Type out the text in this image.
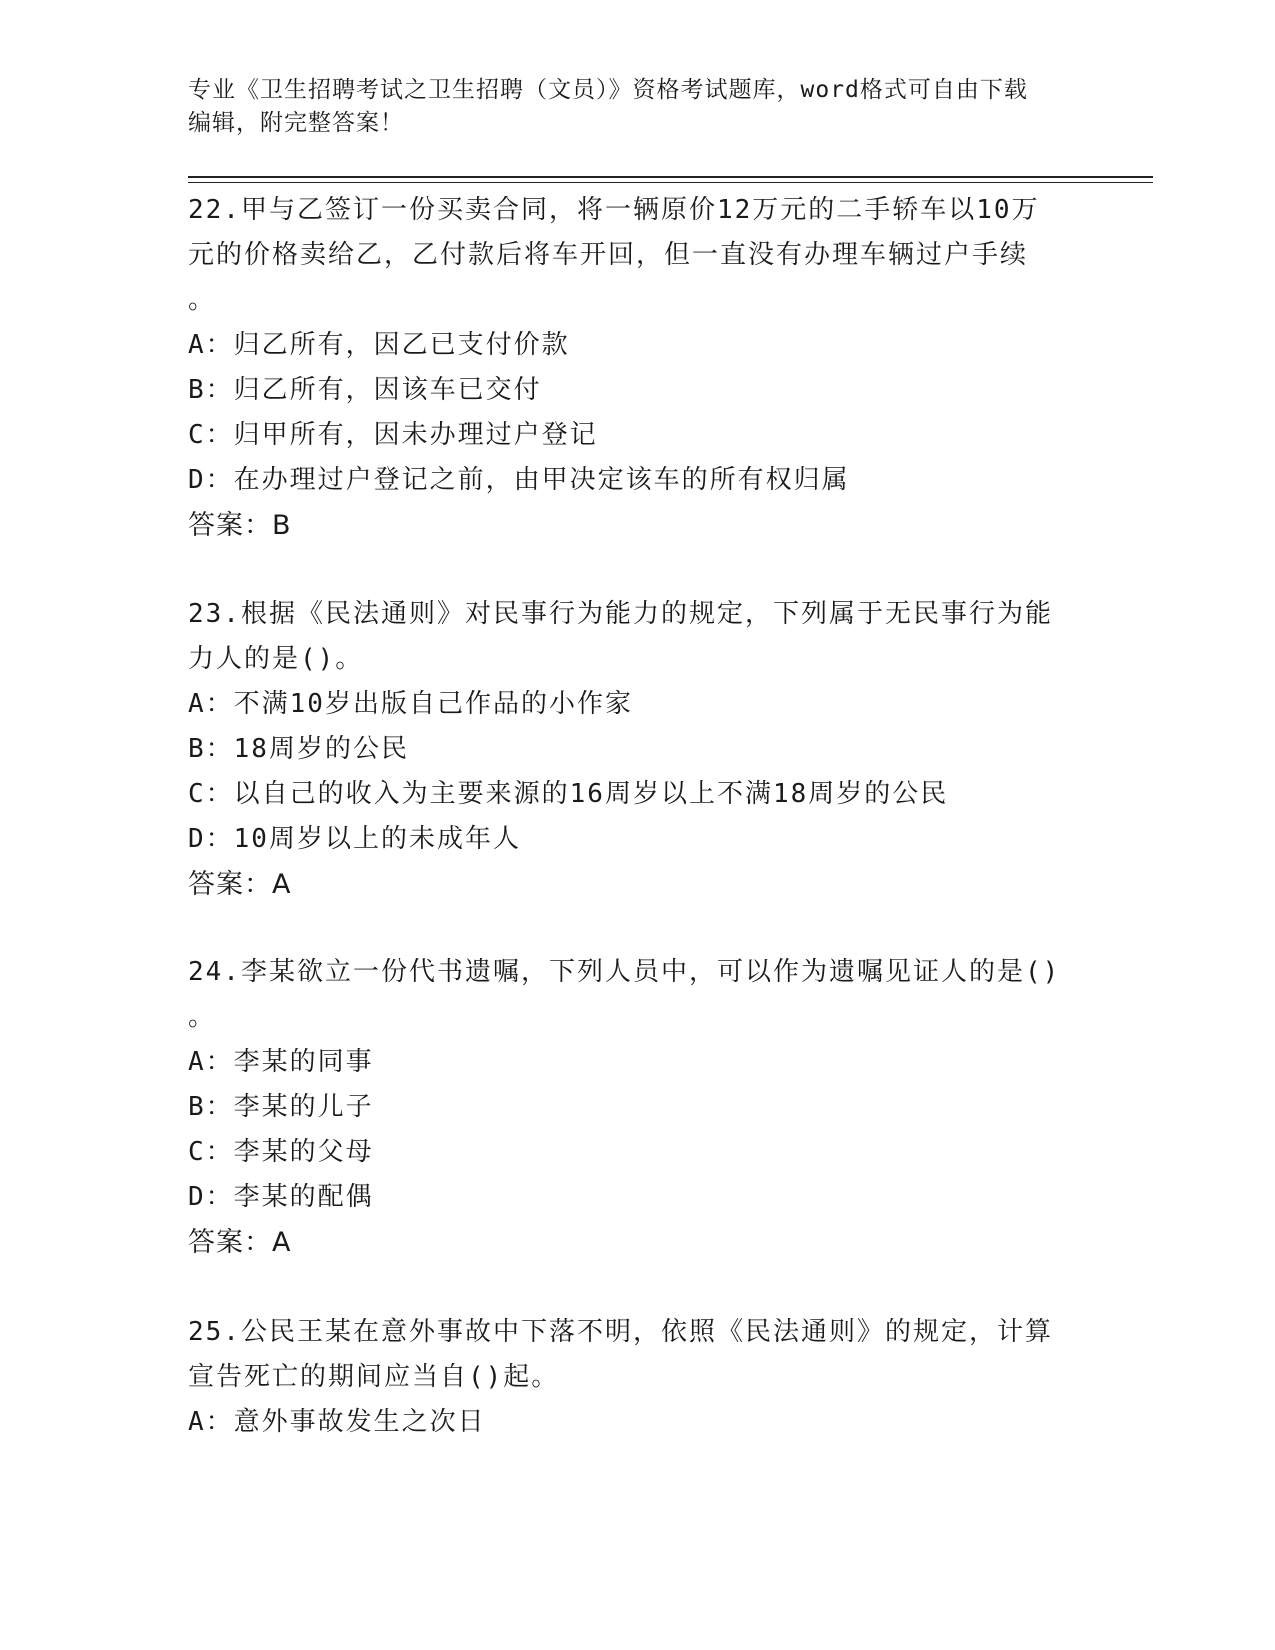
专业《卫生招聘考试之卫生招聘（文员）》资格考试题库，word格式可自由下载
编辑，附完整答案！
22.甲与乙签订一份买卖合同，将一辆原价12万元的二手轿车以10万
元的价格卖给乙，乙付款后将车开回，但一直没有办理车辆过户手续
。
A：归乙所有，因乙已支付价款
B：归乙所有，因该车已交付
C：归甲所有，因未办理过户登记
D：在办理过户登记之前，由甲决定该车的所有权归属
答案：B
23.根据《民法通则》对民事行为能力的规定，下列属于无民事行为能
力人的是()。
A：不满10岁出版自己作品的小作家
B：18周岁的公民
C：以自己的收入为主要来源的16周岁以上不满18周岁的公民
D：10周岁以上的未成年人
答案：A
24.李某欲立一份代书遗嘱，下列人员中，可以作为遗嘱见证人的是()
。
A：李某的同事
B：李某的儿子
C：李某的父母
D：李某的配偶
答案：A
25.公民王某在意外事故中下落不明，依照《民法通则》的规定，计算
宣告死亡的期间应当自()起。
A：意外事故发生之次日
